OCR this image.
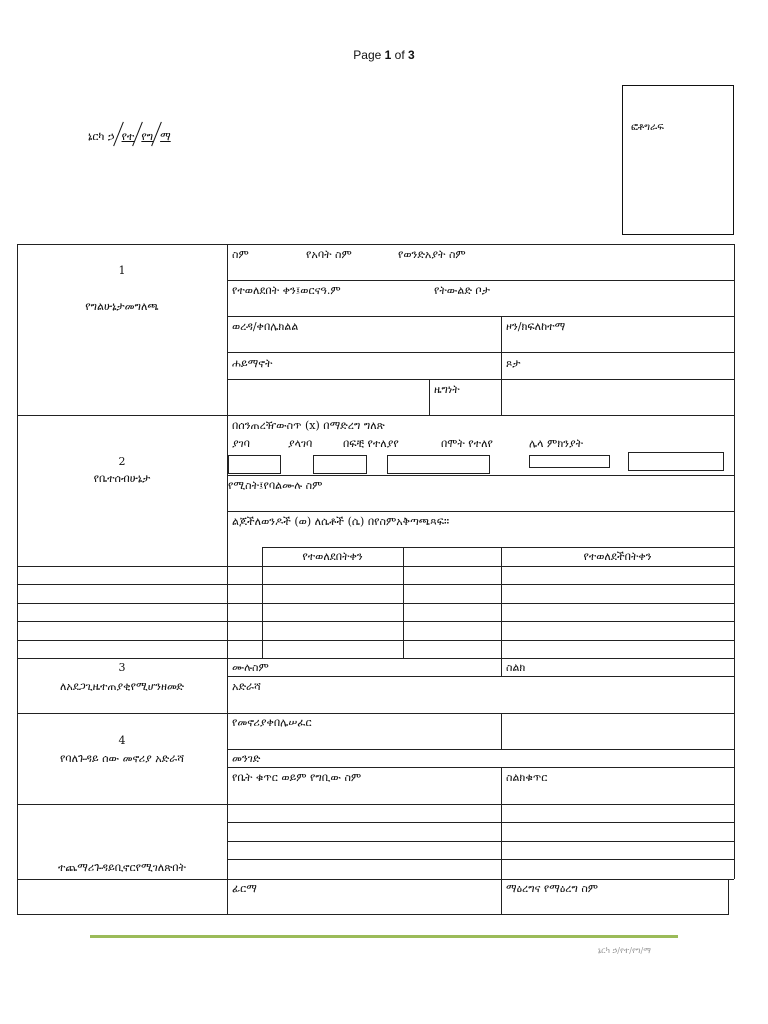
Page 1 of 3
ኔርካ ኃ የተ የግ ማ
ፎቶግራፍ
1
የግልሁኔታመግለጫ
ስም	የአባት ስም	የወንድአያት ስም
የተወለደበት ቀን፤ወርናዓ.ም	የትውልድ ቦታ
ወረዳ/ቀበሌክልል	ዞን/ክፍለከተማ
ሐይማኖት	ጾታ
ዜግነት
2
የቤተሰብሁኔታ
በሰንጠረዥውስጥ (x) በማድረግ ግለጽ
ያገባ	ያላገባ	በፍቺ የተለያየ	በሞት የተለየ	ሌላ ምክንያት
የሚስት፤የባልሙሉ ስም
ልጆችለወንዶች (ወ) ለሴቶች (ሴ) በየስምአቅጣጫጻፍ።
የተወለደበትቀን	የተወለደችበትቀን
3
ለአደጋጊዜተጠያቂየሚሆንዘመድ
ሙሉስም	ስልክ
አድራሻ
4
የባለጉዳይ ሰው መኖሪያ አድራሻ
የመኖሪያቀበሌሠፈር
መንገድ
የቤት ቁጥር ወይም የግቢው ስም	ስልክቁጥር
ተጨማሪጉዳይቢኖርየሚገለጽበት
ፊርማ	ማዕረግና የማዕረግ ስም
ኔርካ ኃ/የተ/የግ/ማ
